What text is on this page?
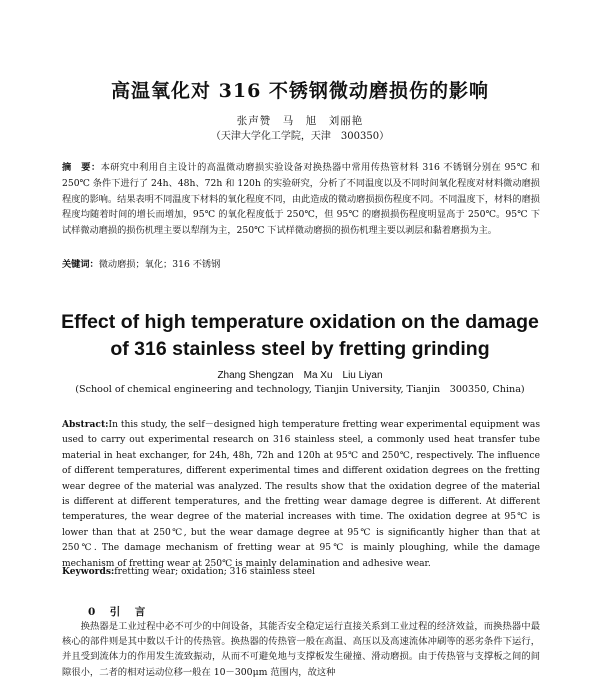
高温氧化对 316 不锈钢微动磨损伤的影响
张声赞　马　旭　刘丽艳
（天津大学化工学院，天津　300350）
摘　要：本研究中利用自主设计的高温微动磨损实验设备对换热器中常用传热管材料 316 不锈钢分别在 95℃ 和 250℃ 条件下进行了 24h、48h、72h 和 120h 的实验研究，分析了不同温度以及不同时间氧化程度对材料微动磨损程度的影响。结果表明不同温度下材料的氧化程度不同，由此造成的微动磨损损伤程度不同。不同温度下，材料的磨损程度均随着时间的增长而增加，95℃ 的氧化程度低于 250℃，但 95℃ 的磨损损伤程度明显高于 250℃。95℃ 下试样微动磨损的损伤机理主要以犁削为主，250℃ 下试样微动磨损的损伤机理主要以剥层和黏着磨损为主。
关键词：微动磨损；氧化；316 不锈钢
Effect of high temperature oxidation on the damage
of 316 stainless steel by fretting grinding
Zhang Shengzan　Ma Xu　Liu Liyan
(School of chemical engineering and technology, Tianjin University, Tianjin　300350, China)
Abstract:In this study, the self－designed high temperature fretting wear experimental equipment was used to carry out experimental research on 316 stainless steel, a commonly used heat transfer tube material in heat exchanger, for 24h, 48h, 72h and 120h at 95℃ and 250℃, respectively. The influence of different temperatures, different experimental times and different oxidation degrees on the fretting wear degree of the material was analyzed. The results show that the oxidation degree of the material is different at different temperatures, and the fretting wear damage degree is different. At different temperatures, the wear degree of the material increases with time. The oxidation degree at 95℃ is lower than that at 250℃, but the wear damage degree at 95℃ is significantly higher than that at 250℃. The damage mechanism of fretting wear at 95℃ is mainly ploughing, while the damage mechanism of fretting wear at 250℃ is mainly delamination and adhesive wear.
Keywords:fretting wear; oxidation; 316 stainless steel
0　引　言
换热器是工业过程中必不可少的中间设备，其能否安全稳定运行直接关系到工业过程的经济效益，而换热器中最核心的部件则是其中数以千计的传热管。换热器的传热管一般在高温、高压以及高速流体冲刷等的恶劣条件下运行，并且受到流体力的作用发生流致振动，从而不可避免地与支撑板发生碰撞、滑动磨损。由于传热管与支撑板之间的间隙很小，二者的相对运动位移一般在 10－300μm 范围内，故这种
